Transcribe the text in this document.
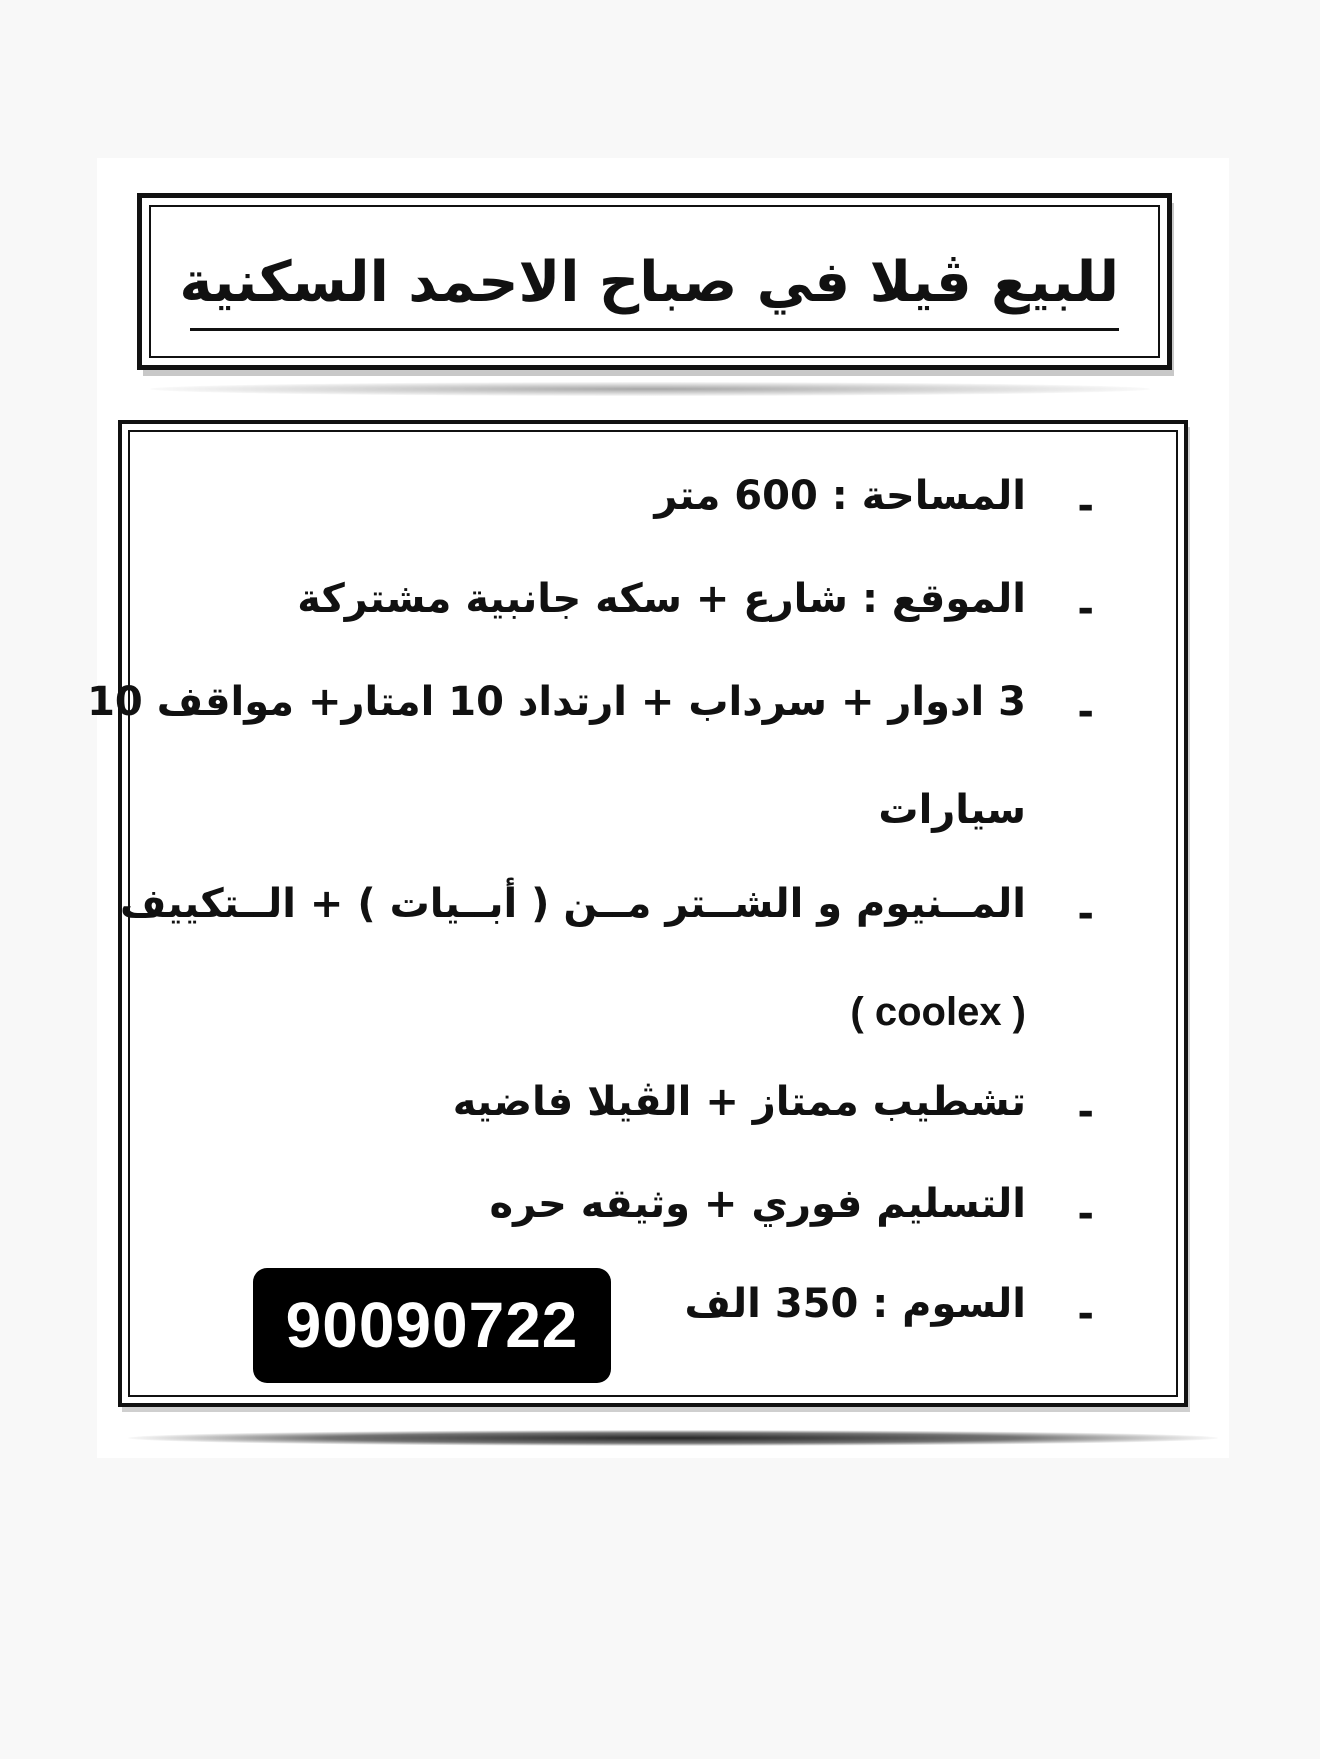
للبيع ڤيلا في صباح الاحمد السكنية
-
المساحة : 600 متر
-
الموقع : شارع + سكه جانبية مشتركة
-
3 ادوار + سرداب + ارتداد 10 امتار+ مواقف 10
سيارات
-
المــنيوم و الشــتر مــن ( أبــيات ) + الــتكييف
( coolex )
-
تشطيب ممتاز + الڤيلا فاضيه
-
التسليم فوري + وثيقه حره
-
السوم : 350 الف
90090722
